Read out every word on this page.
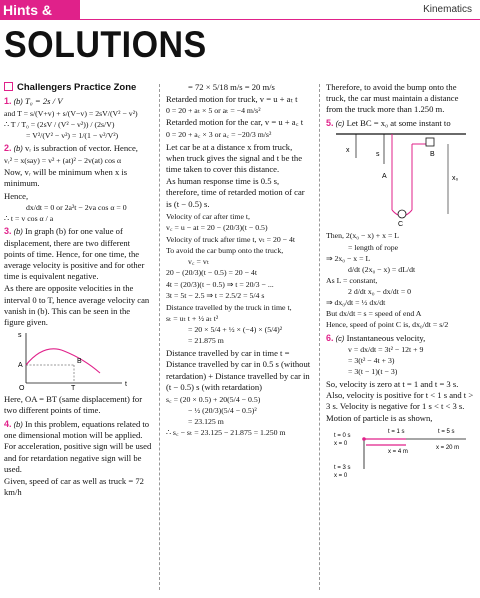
Hints &	Kinematics
SOLUTIONS
Challengers Practice Zone

1. (b) T₀ = 2s / V

and T = s/(V+v) + s/(V−v) = 2sV/(V² − v²)

∴ T / T₀ = (2sV / (V² − v²)) / (2s/V)

= V²/(V² − v²) = 1/(1 − v²/V²)

2. (b) vᵣ is subraction of vector. Hence,

vᵣ² = x(say) = v² + (at)² − 2v(at) cos α

Now, vᵣ will be minimum when x is minimum.

Hence,

dx/dt = 0 or 2a²t − 2va cos α = 0

∴ t = v cos α / a

3. (b) In graph (b) for one value of displacement, there are two different points of time. Hence, for one time, the average velocity is positive and for other time is equivalent negative.

As there are opposite velocities in the interval 0 to T, hence average velocity can vanish in (b). This can be seen in the figure given.

s
A
B
O	T
t

Here, OA = BT (same displacement) for two different points of time.

4. (b) In this problem, equations related to one dimensional motion will be applied. For acceleration, positive sign will be used and for retardation negative sign will be used.

Given, speed of car as well as truck = 72 km/h

= 72 × 5/18 m/s = 20 m/s

Retarded motion for truck, v = u + aₜ t

0 = 20 + aₜ × 5 or aₜ = −4 m/s²

Retarded motion for the car, v = u + a꜀ t

0 = 20 + a꜀ × 3 or a꜀ = −20/3 m/s²

Let car be at a distance x from truck, when truck gives the signal and t be the time taken to cover this distance.

As human response time is 0.5 s, therefore, time of retarded motion of car is (t − 0.5) s.

Velocity of car after time t,

v꜀ = u − at = 20 − (20/3)(t − 0.5)

Velocity of truck after time t, vₜ = 20 − 4t

To avoid the car bump onto the truck,

v꜀ = vₜ

20 − (20/3)(t − 0.5) = 20 − 4t

4t = (20/3)(t − 0.5) ⇒ t = 20/3 − ...

3t = 5t − 2.5 ⇒ t = 2.5/2 = 5/4 s

Distance travelled by the truck in time t,

sₜ = uₜ t + ½ aₜ t²

= 20 × 5/4 + ½ × (−4) × (5/4)²

= 21.875 m

Distance travelled by car in time t = Distance travelled by car in 0.5 s (without retardation) + Distance travelled by car in (t − 0.5) s (with retardation)

s꜀ = (20 × 0.5) + 20(5/4 − 0.5)

− ½ (20/3)(5/4 − 0.5)²

= 23.125 m

∴ s꜀ − sₜ = 23.125 − 21.875 = 1.250 m

Therefore, to avoid the bump onto the truck, the car must maintain a distance from the truck more than 1.250 m.

5. (c) Let BC = x₀ at some instant to

x
s
A
B
C
x₀

Then, 2(x₀ − x) + x = L

= length of rope

⇒ 2x₀ − x = L

d/dt (2x₀ − x) = dL/dt

As L = constant,

2 d/dt x₀ − dx/dt = 0

⇒ dx₀/dt = ½ dx/dt

But dx/dt = s = speed of end A

Hence, speed of point C is, dx₀/dt = s/2

6. (c) Instantaneous velocity,

v = dx/dt = 3t² − 12t + 9

= 3(t² − 4t + 3)

= 3(t − 1)(t − 3)

So, velocity is zero at t = 1 and t = 3 s. Also, velocity is positive for t < 1 s and t > 3 s. Velocity is negative for 1 s < t < 3 s.

Motion of particle is as shown,

t = 0 s
x = 0
t = 1 s
x = 4 m
t = 5 s
x = 20 m
t = 3 s
x = 0
